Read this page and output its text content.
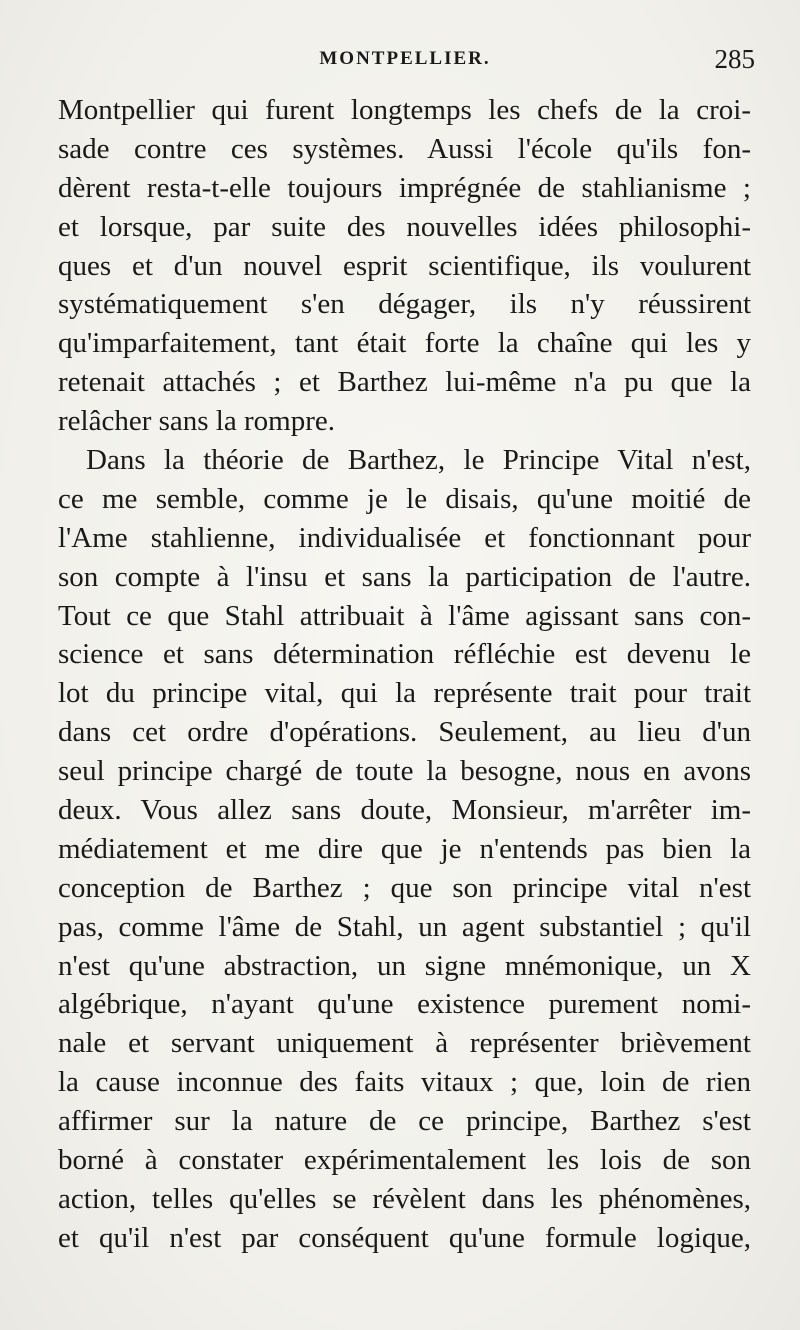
MONTPELLIER.	285
Montpellier qui furent longtemps les chefs de la croi-
sade contre ces systèmes. Aussi l'école qu'ils fon-
dèrent resta-t-elle toujours imprégnée de stahlianisme ;
et lorsque, par suite des nouvelles idées philosophi-
ques et d'un nouvel esprit scientifique, ils voulurent
systématiquement s'en dégager, ils n'y réussirent
qu'imparfaitement, tant était forte la chaîne qui les y
retenait attachés ; et Barthez lui-même n'a pu que la
relâcher sans la rompre.
Dans la théorie de Barthez, le Principe Vital n'est,
ce me semble, comme je le disais, qu'une moitié de
l'Ame stahlienne, individualisée et fonctionnant pour
son compte à l'insu et sans la participation de l'autre.
Tout ce que Stahl attribuait à l'âme agissant sans con-
science et sans détermination réfléchie est devenu le
lot du principe vital, qui la représente trait pour trait
dans cet ordre d'opérations. Seulement, au lieu d'un
seul principe chargé de toute la besogne, nous en avons
deux. Vous allez sans doute, Monsieur, m'arrêter im-
médiatement et me dire que je n'entends pas bien la
conception de Barthez ; que son principe vital n'est
pas, comme l'âme de Stahl, un agent substantiel ; qu'il
n'est qu'une abstraction, un signe mnémonique, un X
algébrique, n'ayant qu'une existence purement nomi-
nale et servant uniquement à représenter brièvement
la cause inconnue des faits vitaux ; que, loin de rien
affirmer sur la nature de ce principe, Barthez s'est
borné à constater expérimentalement les lois de son
action, telles qu'elles se révèlent dans les phénomènes,
et qu'il n'est par conséquent qu'une formule logique,
